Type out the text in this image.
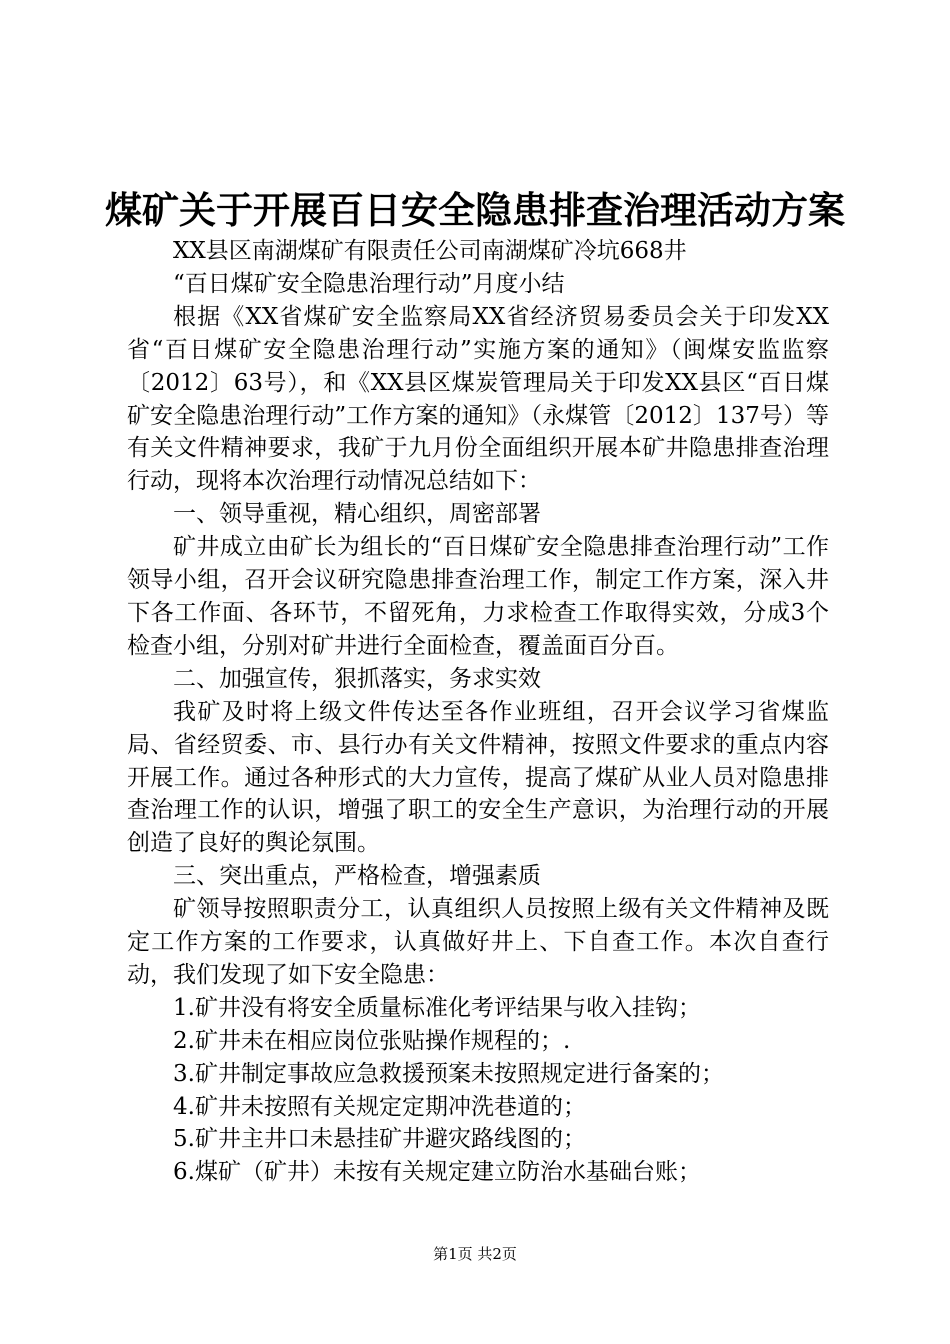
煤矿关于开展百日安全隐患排查治理活动方案

XX县区南湖煤矿有限责任公司南湖煤矿冷坑668井

“百日煤矿安全隐患治理行动”月度小结

根据《XX省煤矿安全监察局XX省经济贸易委员会关于印发XX省“百日煤矿安全隐患治理行动”实施方案的通知》（闽煤安监监察〔2012〕63号），和《XX县区煤炭管理局关于印发XX县区“百日煤矿安全隐患治理行动”工作方案的通知》（永煤管〔2012〕137号）等有关文件精神要求，我矿于九月份全面组织开展本矿井隐患排查治理行动，现将本次治理行动情况总结如下：

一、领导重视，精心组织，周密部署

矿井成立由矿长为组长的“百日煤矿安全隐患排查治理行动”工作领导小组，召开会议研究隐患排查治理工作，制定工作方案，深入井下各工作面、各环节，不留死角，力求检查工作取得实效，分成3个检查小组，分别对矿井进行全面检查，覆盖面百分百。

二、加强宣传，狠抓落实，务求实效

我矿及时将上级文件传达至各作业班组，召开会议学习省煤监局、省经贸委、市、县行办有关文件精神，按照文件要求的重点内容开展工作。通过各种形式的大力宣传，提高了煤矿从业人员对隐患排查治理工作的认识，增强了职工的安全生产意识，为治理行动的开展创造了良好的舆论氛围。

三、突出重点，严格检查，增强素质

矿领导按照职责分工，认真组织人员按照上级有关文件精神及既定工作方案的工作要求，认真做好井上、下自查工作。本次自查行动，我们发现了如下安全隐患：

1.矿井没有将安全质量标准化考评结果与收入挂钩；

2.矿井未在相应岗位张贴操作规程的；.

3.矿井制定事故应急救援预案未按照规定进行备案的；

4.矿井未按照有关规定定期冲洗巷道的；

5.矿井主井口未悬挂矿井避灾路线图的；

6.煤矿（矿井）未按有关规定建立防治水基础台账；

第1页 共2页
